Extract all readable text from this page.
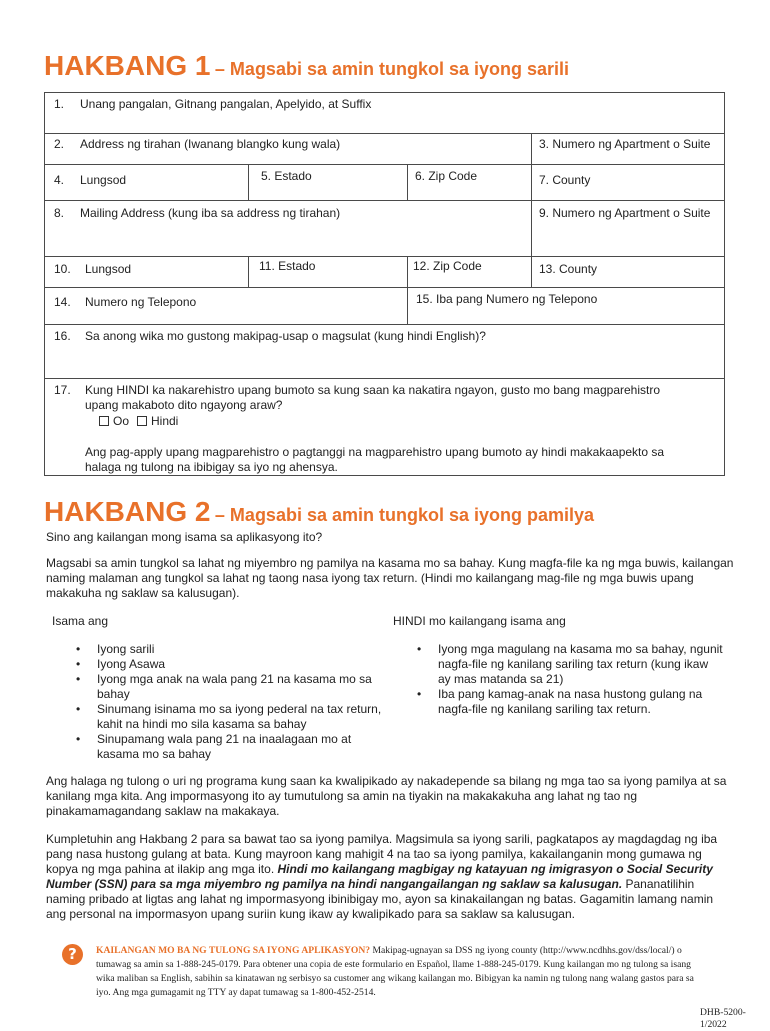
HAKBANG 1 – Magsabi sa amin tungkol sa iyong sarili
1. Unang pangalan, Gitnang pangalan, Apelyido, at Suffix
2. Address ng tirahan (Iwanang blangko kung wala)	3. Numero ng Apartment o Suite
4. Lungsod	5. Estado	6. Zip Code	7. County
8. Mailing Address (kung iba sa address ng tirahan)	9. Numero ng Apartment o Suite
10. Lungsod	11. Estado	12. Zip Code	13. County
14. Numero ng Telepono	15. Iba pang Numero ng Telepono
16. Sa anong wika mo gustong makipag-usap o magsulat (kung hindi English)?
17. Kung HINDI ka nakarehistro upang bumoto sa kung saan ka nakatira ngayon, gusto mo bang magparehistro
upang makaboto dito ngayong araw?
Oo	Hindi
Ang pag-apply upang magparehistro o pagtanggi na magparehistro upang bumoto ay hindi makakaapekto sa
halaga ng tulong na ibibigay sa iyo ng ahensya.
HAKBANG 2 – Magsabi sa amin tungkol sa iyong pamilya

Sino ang kailangan mong isama sa aplikasyong ito?

Magsabi sa amin tungkol sa lahat ng miyembro ng pamilya na kasama mo sa bahay. Kung magfa-file ka ng mga buwis, kailangan naming malaman ang tungkol sa lahat ng taong nasa iyong tax return. (Hindi mo kailangang mag-file ng mga buwis upang makakuha ng saklaw sa kalusugan).

Isama ang	HINDI mo kailangang isama ang
• Iyong sarili
• Iyong Asawa
• Iyong mga anak na wala pang 21 na kasama mo sa bahay
• Sinumang isinama mo sa iyong pederal na tax return, kahit na hindi mo sila kasama sa bahay
• Sinupamang wala pang 21 na inaalagaan mo at kasama mo sa bahay
• Iyong mga magulang na kasama mo sa bahay, ngunit nagfa-file ng kanilang sariling tax return (kung ikaw ay mas matanda sa 21)
• Iba pang kamag-anak na nasa hustong gulang na nagfa-file ng kanilang sariling tax return.

Ang halaga ng tulong o uri ng programa kung saan ka kwalipikado ay nakadepende sa bilang ng mga tao sa iyong pamilya at sa kanilang mga kita. Ang impormasyong ito ay tumutulong sa amin na tiyakin na makakakuha ang lahat ng tao ng pinakamamagandang saklaw na makakaya.

Kumpletuhin ang Hakbang 2 para sa bawat tao sa iyong pamilya. Magsimula sa iyong sarili, pagkatapos ay magdagdag ng iba pang nasa hustong gulang at bata. Kung mayroon kang mahigit 4 na tao sa iyong pamilya, kakailanganin mong gumawa ng kopya ng mga pahina at ilakip ang mga ito. Hindi mo kailangang magbigay ng katayuan ng imigrasyon o Social Security Number (SSN) para sa mga miyembro ng pamilya na hindi nangangailangan ng saklaw sa kalusugan. Pananatilihin naming pribado at ligtas ang lahat ng impormasyong ibinibigay mo, ayon sa kinakailangan ng batas. Gagamitin lamang namin ang personal na impormasyon upang suriin kung ikaw ay kwalipikado para sa saklaw sa kalusugan.

?	KAILANGAN MO BA NG TULONG SA IYONG APLIKASYON? Makipag-ugnayan sa DSS ng iyong county (http://www.ncdhhs.gov/dss/local/) o tumawag sa amin sa 1-888-245-0179. Para obtener una copia de este formulario en Español, llame 1-888-245-0179. Kung kailangan mo ng tulong sa isang wika maliban sa English, sabihin sa kinatawan ng serbisyo sa customer ang wikang kailangan mo. Bibigyan ka namin ng tulong nang walang gastos para sa iyo. Ang mga gumagamit ng TTY ay dapat tumawag sa 1-800-452-2514.

DHB-5200-
1/2022
